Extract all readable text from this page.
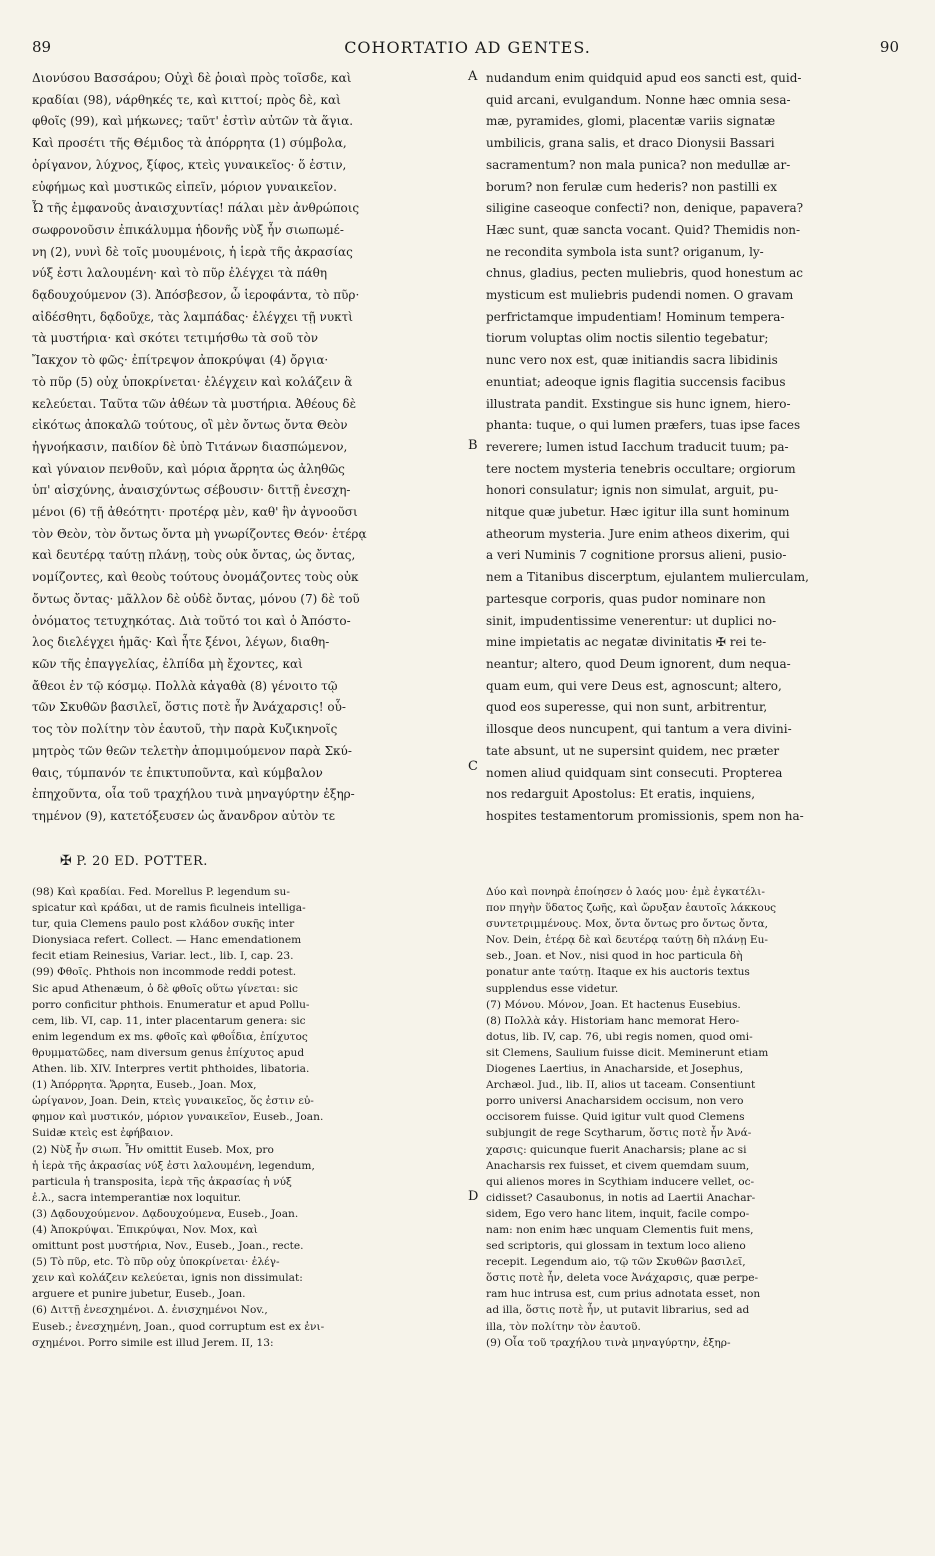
89	COHORTATIO AD GENTES.	90
Διονύσου Βασσάρου; Οὐχὶ δὲ ῥοιαὶ πρὸς τοῖσδε, καὶ
κραδίαι (98), νάρθηκές τε, καὶ κιττοί; πρὸς δὲ, καὶ
φθοῖς (99), καὶ μήκωνες; ταῦτ' ἐστὶν αὐτῶν τὰ ἅγια.
Καὶ προσέτι τῆς Θέμιδος τὰ ἀπόρρητα (1) σύμβολα,
ὀρίγανον, λύχνος, ξίφος, κτεὶς γυναικεῖος· ὅ ἐστιν,
εὐφήμως καὶ μυστικῶς εἰπεῖν, μόριον γυναικεῖον.
Ὦ τῆς ἐμφανοῦς ἀναισχυντίας! πάλαι μὲν ἀνθρώποις
σωφρονοῦσιν ἐπικάλυμμα ἡδονῆς νὺξ ἦν σιωπωμέ-
νη (2), νυνὶ δὲ τοῖς μυουμένοις, ἡ ἱερὰ τῆς ἀκρασίας
νύξ ἐστι λαλουμένη· καὶ τὸ πῦρ ἐλέγχει τὰ πάθη
δᾳδουχούμενον (3). Ἀπόσβεσον, ὦ ἱεροφάντα, τὸ πῦρ·
αἰδέσθητι, δᾳδοῦχε, τὰς λαμπάδας· ἐλέγχει τῇ νυκτὶ
τὰ μυστήρια· καὶ σκότει τετιμήσθω τὰ σοῦ τὸν
Ἴακχον τὸ φῶς· ἐπίτρεψον ἀποκρύψαι (4) ὄργια·
τὸ πῦρ (5) οὐχ ὑποκρίνεται· ἐλέγχειν καὶ κολάζειν ἃ
κελεύεται. Ταῦτα τῶν ἀθέων τὰ μυστήρια. Ἀθέους δὲ
εἰκότως ἀποκαλῶ τούτους, οἳ μὲν ὄντως ὄντα Θεὸν
ἠγνοήκασιν, παιδίον δὲ ὑπὸ Τιτάνων διασπώμενον,
καὶ γύναιον πενθοῦν, καὶ μόρια ἄρρητα ὡς ἀληθῶς
ὑπ' αἰσχύνης, ἀναισχύντως σέβουσιν· διττῇ ἐνεσχη-
μένοι (6) τῇ ἀθεότητι· προτέρᾳ μὲν, καθ' ἣν ἀγνοοῦσι
τὸν Θεὸν, τὸν ὄντως ὄντα μὴ γνωρίζοντες Θεόν· ἑτέρᾳ
καὶ δευτέρᾳ ταύτῃ πλάνῃ, τοὺς οὐκ ὄντας, ὡς ὄντας,
νομίζοντες, καὶ θεοὺς τούτους ὀνομάζοντες τοὺς οὐκ
ὄντως ὄντας· μᾶλλον δὲ οὐδὲ ὄντας, μόνου (7) δὲ τοῦ
ὀνόματος τετυχηκότας. Διὰ τοῦτό τοι καὶ ὁ Ἀπόστο-
λος διελέγχει ἡμᾶς· Καὶ ἦτε ξένοι, λέγων, διαθη-
κῶν τῆς ἐπαγγελίας, ἐλπίδα μὴ ἔχοντες, καὶ
ἄθεοι ἐν τῷ κόσμῳ. Πολλὰ κἀγαθὰ (8) γένοιτο τῷ
τῶν Σκυθῶν βασιλεῖ, ὅστις ποτὲ ἦν Ἀνάχαρσις! οὗ-
τος τὸν πολίτην τὸν ἑαυτοῦ, τὴν παρὰ Κυζικηνοῖς
μητρὸς τῶν θεῶν τελετὴν ἀπομιμούμενον παρὰ Σκύ-
θαις, τύμπανόν τε ἐπικτυποῦντα, καὶ κύμβαλον
ἐπηχοῦντα, οἷα τοῦ τραχήλου τινὰ μηναγύρτην ἐξηρ-
τημένον (9), κατετόξευσεν ὡς ἄνανδρον αὐτὸν τε
nudandum enim quidquid apud eos sancti est, quid-
quid arcani, evulgandum. Nonne hæc omnia sesa-
mæ, pyramides, glomi, placentæ variis signatæ
umbilicis, grana salis, et draco Dionysii Bassari
sacramentum? non mala punica? non medullæ ar-
borum? non ferulæ cum hederis? non pastilli ex
siligine caseoque confecti? non, denique, papavera?
Hæc sunt, quæ sancta vocant. Quid? Themidis non-
ne recondita symbola ista sunt? origanum, ly-
chnus, gladius, pecten muliebris, quod honestum ac
mysticum est muliebris pudendi nomen. O gravam
perfrictamque impudentiam! Hominum tempera-
tiorum voluptas olim noctis silentio tegebatur;
nunc vero nox est, quæ initiandis sacra libidinis
enuntiat; adeoque ignis flagitia succensis facibus
illustrata pandit. Exstingue sis hunc ignem, hiero-
phanta: tuque, o qui lumen præfers, tuas ipse faces
reverere; lumen istud Iacchum traducit tuum; pa-
tere noctem mysteria tenebris occultare; orgiorum
honori consulatur; ignis non simulat, arguit, pu-
nitque quæ jubetur. Hæc igitur illa sunt hominum
atheorum mysteria. Jure enim atheos dixerim, qui
a veri Numinis 7 cognitione prorsus alieni, pusio-
nem a Titanibus discerptum, ejulantem mulierculam,
partesque corporis, quas pudor nominare non
sinit, impudentissime venerentur: ut duplici no-
mine impietatis ac negatæ divinitatis ✠ rei te-
neantur; altero, quod Deum ignorent, dum nequa-
quam eum, qui vere Deus est, agnoscunt; altero,
quod eos superesse, qui non sunt, arbitrentur,
illosque deos nuncupent, qui tantum a vera divini-
tate absunt, ut ne supersint quidem, nec præter
nomen aliud quidquam sint consecuti. Propterea
nos redarguit Apostolus: Et eratis, inquiens,
hospites testamentorum promissionis, spem non ha-
A
B
C
D
✠ P. 20 ED. POTTER.
(98) Καὶ κραδίαι. Fed. Morellus P. legendum su-
spicatur καὶ κράδαι, ut de ramis ficulneis intelliga-
tur, quia Clemens paulo post κλάδον συκῆς inter
Dionysiaca refert. Collect. — Hanc emendationem
fecit etiam Reinesius, Variar. lect., lib. I, cap. 23.
(99) Φθοῖς. Phthois non incommode reddi potest.
Sic apud Athenæum, ὁ δὲ φθοῖς οὕτω γίνεται: sic
porro conficitur phthois. Enumeratur et apud Pollu-
cem, lib. VI, cap. 11, inter placentarum genera: sic
enim legendum ex ms. φθοῖς καὶ φθοΐδια, ἐπίχυτος
θρυμματῶδες, nam diversum genus ἐπίχυτος apud
Athen. lib. XIV. Interpres vertit phthoides, libatoria.
(1) Ἀπόρρητα. Ἄρρητα, Euseb., Joan. Mox,
ὠρίγανον, Joan. Dein, κτεὶς γυναικεῖος, ὅς ἐστιν εὐ-
φημον καὶ μυστικόν, μόριον γυναικεῖον, Euseb., Joan.
Suidæ κτεὶς est ἐφήβαιον.
(2) Νὺξ ἦν σιωπ. Ἦν omittit Euseb. Mox, pro
ἡ ἱερὰ τῆς ἀκρασίας νύξ ἐστι λαλουμένη, legendum,
particula ἡ transposita, ἱερὰ τῆς ἀκρασίας ἡ νύξ
ἐ.λ., sacra intemperantiæ nox loquitur.
(3) Δᾳδουχούμενον. Δᾳδουχούμενα, Euseb., Joan.
(4) Ἀποκρύψαι. Ἐπικρύψαι, Nov. Mox, καὶ
omittunt post μυστήρια, Nov., Euseb., Joan., recte.
(5) Τὸ πῦρ, etc. Τὸ πῦρ οὐχ ὑποκρίνεται· ἐλέγ-
χειν καὶ κολάζειν κελεύεται, ignis non dissimulat:
arguere et punire jubetur, Euseb., Joan.
(6) Διττῇ ἐνεσχημένοι. Δ. ἐνισχημένοι Nov.,
Euseb.; ἐνεσχημένη, Joan., quod corruptum est ex ἐνι-
σχημένοι. Porro simile est illud Jerem. II, 13:
Δύο καὶ πονηρὰ ἐποίησεν ὁ λαός μου· ἐμὲ ἐγκατέλι-
πον πηγὴν ὕδατος ζωῆς, καὶ ὤρυξαν ἑαυτοῖς λάκκους
συντετριμμένους. Mox, ὄντα ὄντως pro ὄντως ὄντα,
Nov. Dein, ἑτέρᾳ δὲ καὶ δευτέρᾳ ταύτῃ δὴ πλάνῃ Eu-
seb., Joan. et Nov., nisi quod in hoc particula δὴ
ponatur ante ταύτῃ. Itaque ex his auctoris textus
supplendus esse videtur.
(7) Μόνου. Μόνον, Joan. Et hactenus Eusebius.
(8) Πολλὰ κἀγ. Historiam hanc memorat Hero-
dotus, lib. IV, cap. 76, ubi regis nomen, quod omi-
sit Clemens, Saulium fuisse dicit. Meminerunt etiam
Diogenes Laertius, in Anacharside, et Josephus,
Archæol. Jud., lib. II, alios ut taceam. Consentiunt
porro universi Anacharsidem occisum, non vero
occisorem fuisse. Quid igitur vult quod Clemens
subjungit de rege Scytharum, ὅστις ποτὲ ἦν Ἀνά-
χαρσις: quicunque fuerit Anacharsis; plane ac si
Anacharsis rex fuisset, et civem quemdam suum,
qui alienos mores in Scythiam inducere vellet, oc-
cidisset? Casaubonus, in notis ad Laertii Anachar-
sidem, Ego vero hanc litem, inquit, facile compo-
nam: non enim hæc unquam Clementis fuit mens,
sed scriptoris, qui glossam in textum loco alieno
recepit. Legendum aio, τῷ τῶν Σκυθῶν βασιλεῖ,
ὅστις ποτὲ ἦν, deleta voce Ἀνάχαρσις, quæ perpe-
ram huc intrusa est, cum prius adnotata esset, non
ad illa, ὅστις ποτὲ ἦν, ut putavit librarius, sed ad
illa, τὸν πολίτην τὸν ἑαυτοῦ.
(9) Οἷα τοῦ τραχήλου τινὰ μηναγύρτην, ἐξηρ-
